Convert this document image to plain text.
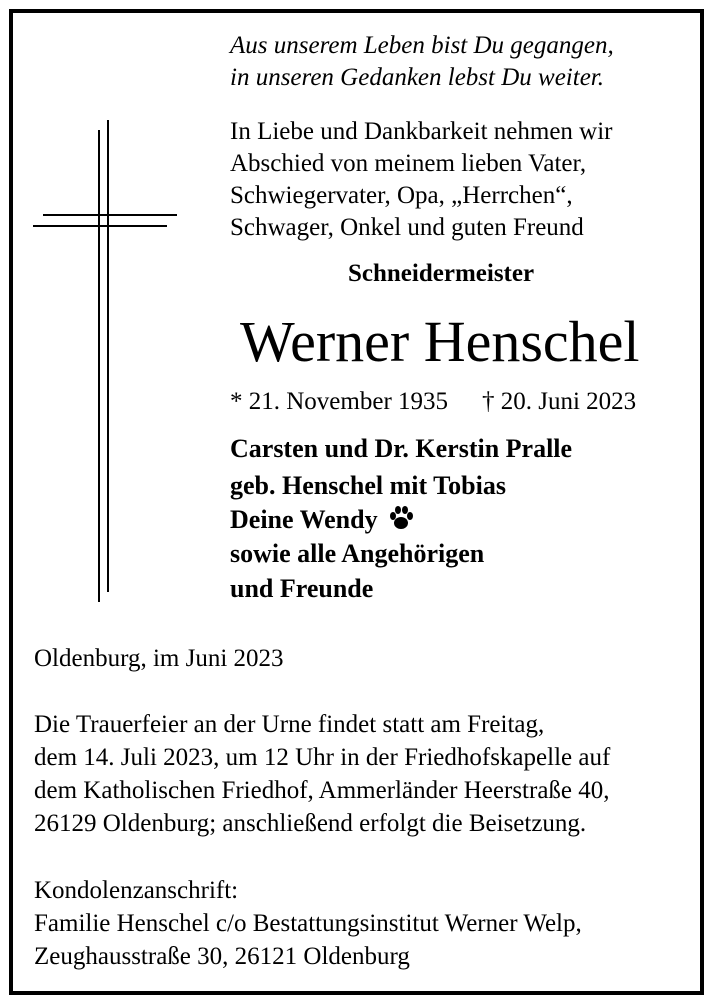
Aus unserem Leben bist Du gegangen,
in unseren Gedanken lebst Du weiter.
In Liebe und Dankbarkeit nehmen wir
Abschied von meinem lieben Vater,
Schwiegervater, Opa, „Herrchen“,
Schwager, Onkel und guten Freund
Schneidermeister
Werner Henschel
* 21. November 1935 † 20. Juni 2023
Carsten und Dr. Kerstin Pralle
geb. Henschel mit Tobias
Deine Wendy
sowie alle Angehörigen
und Freunde
Oldenburg, im Juni 2023
Die Trauerfeier an der Urne findet statt am Freitag,
dem 14. Juli 2023, um 12 Uhr in der Friedhofskapelle auf
dem Katholischen Friedhof, Ammerländer Heerstraße 40,
26129 Oldenburg; anschließend erfolgt die Beisetzung.
Kondolenzanschrift:
Familie Henschel c/o Bestattungsinstitut Werner Welp,
Zeughausstraße 30, 26121 Oldenburg
